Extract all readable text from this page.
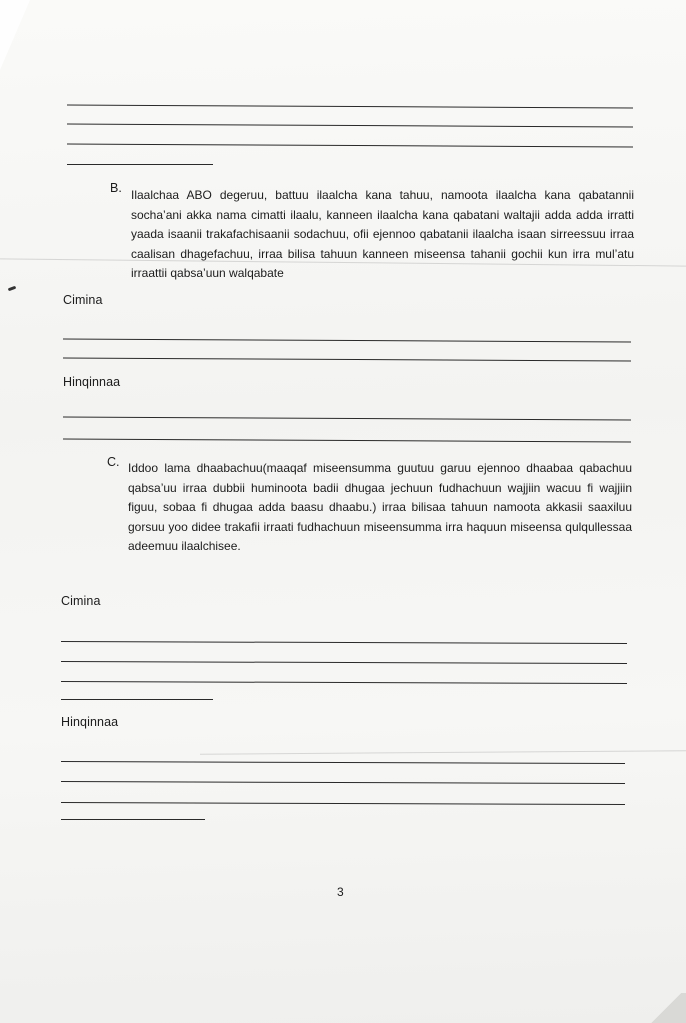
B. Ilaalchaa ABO degeruu, battuu ilaalcha kana tahuu, namoota ilaalcha kana qabatannii socha’ani akka nama cimatti ilaalu, kanneen ilaalcha kana qabatani waltajii adda adda irratti yaada isaanii trakafachisaanii sodachuu, ofii ejennoo qabatanii ilaalcha isaan sirreessuu irraa caalisan dhagefachuu, irraa bilisa tahuun kanneen miseensa tahanii gochii kun irra mul’atu irraattii qabsa’uun walqabate
Cimina
Hinqinnaa
C. Iddoo lama dhaabachuu(maaqaf miseensumma guutuu garuu ejennoo dhaabaa qabachuu qabsa’uu irraa dubbii huminoota badii dhugaa jechuun fudhachuun wajjiin wacuu fi wajjiin figuu, sobaa fi dhugaa adda baasu dhaabu.) irraa bilisaa tahuun namoota akkasii saaxiluu gorsuu yoo didee trakafii irraati fudhachuun miseensumma irra haquun miseensa qulqullessaa adeemuu ilaalchisee.
Cimina
Hinqinnaa
3
